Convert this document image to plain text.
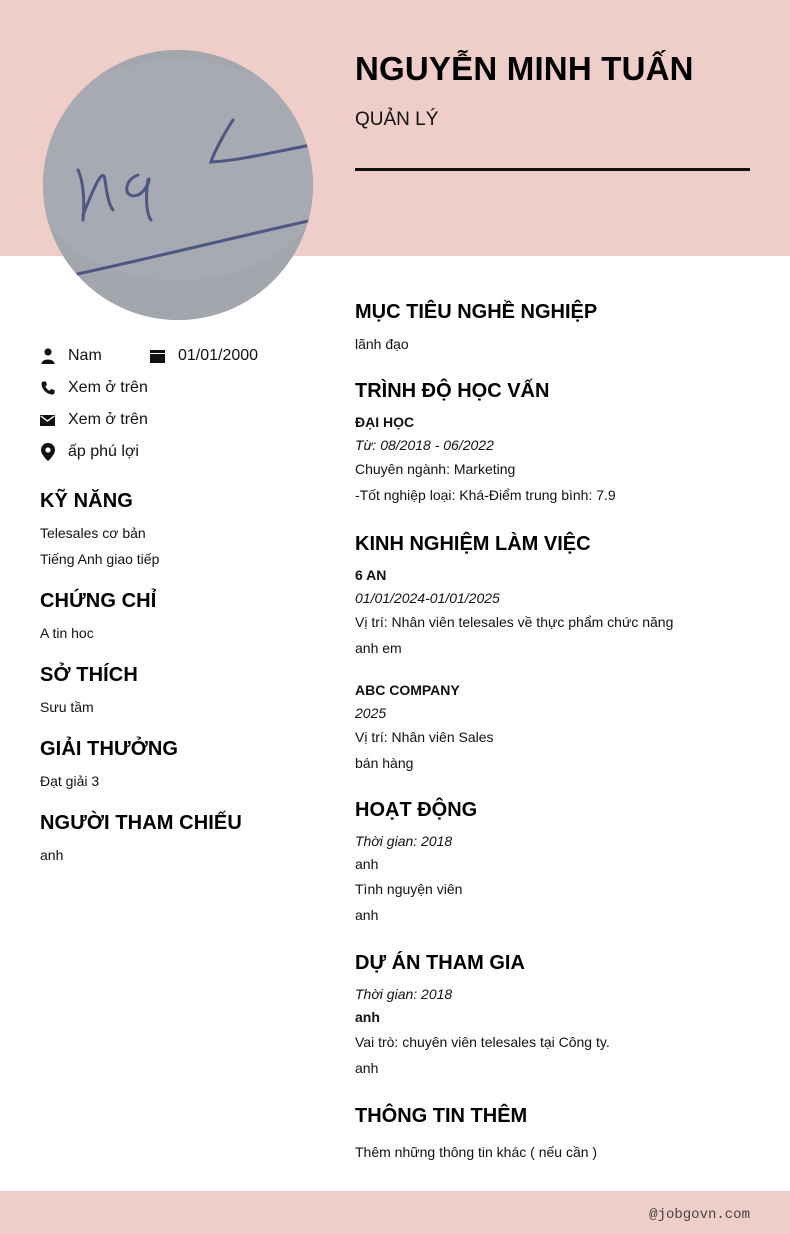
NGUYỄN MINH TUẤN
QUẢN LÝ
Nam	01/01/2000
Xem ở trên
Xem ở trên
ấp phú lợi
KỸ NĂNG
Telesales cơ bản
Tiếng Anh giao tiếp
CHỨNG CHỈ
A tin hoc
SỞ THÍCH
Sưu tầm
GIẢI THƯỞNG
Đạt giải 3
NGƯỜI THAM CHIẾU
anh
MỤC TIÊU NGHỀ NGHIỆP
lãnh đạo
TRÌNH ĐỘ HỌC VẤN
ĐẠI HỌC
Từ: 08/2018 - 06/2022
Chuyên ngành: Marketing
-Tốt nghiệp loại: Khá-Điểm trung bình: 7.9
KINH NGHIỆM LÀM VIỆC
6 AN
01/01/2024-01/01/2025
Vị trí: Nhân viên telesales về thực phẩm chức năng
anh em
ABC COMPANY
2025
Vị trí: Nhân viên Sales
bán hàng
HOẠT ĐỘNG
Thời gian: 2018
anh
Tình nguyện viên
anh
DỰ ÁN THAM GIA
Thời gian: 2018
anh
Vai trò: chuyên viên telesales tại Công ty.
anh
THÔNG TIN THÊM
Thêm những thông tin khác ( nếu cần )
@jobgovn.com
